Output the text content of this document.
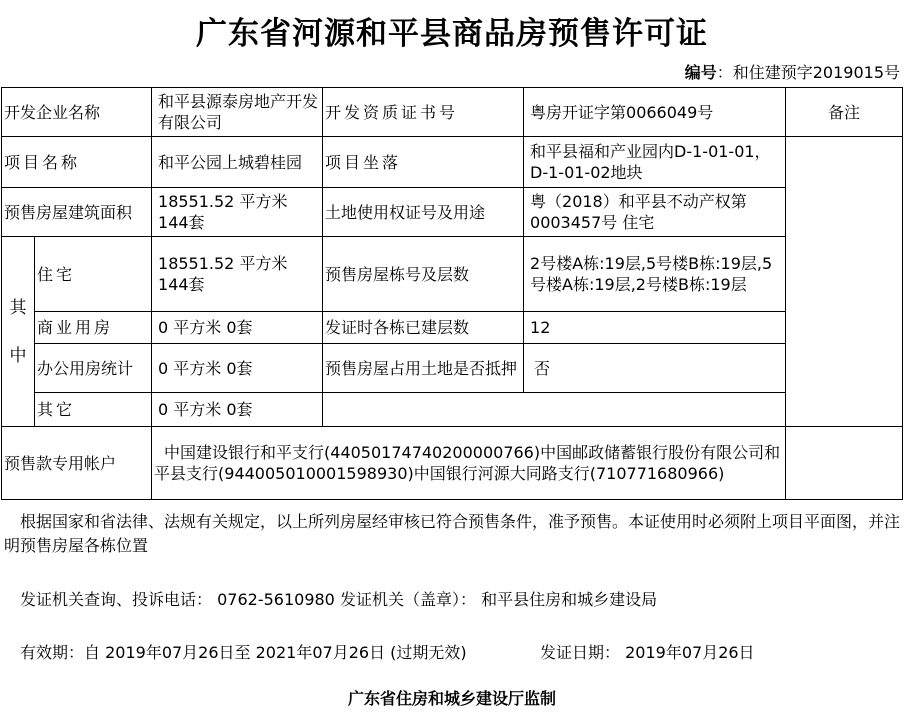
广东省河源和平县商品房预售许可证
编号：和住建预字2019015号
开发企业名称		和平县源泰房地产开发有限公司	开发资质证书号	粤房开证字第0066049号	备注
项目名称		和平公园上城碧桂园	项目坐落	和平县福和产业园内D-1-01-01，D-1-01-02地块	
预售房屋建筑面积		18551.52 平方米 144套	土地使用权证号及用途	粤（2018）和平县不动产权第0003457号 住宅	

其中	住宅	18551.52 平方米 144套	预售房屋栋号及层数	2号楼A栋:19层,5号楼B栋:19层,5号楼A栋:19层,2号楼B栋:19层	
	商业用房	0 平方米 0套	发证时各栋已建层数	12	
	办公用房统计	0 平方米 0套	预售房屋占用土地是否抵押	否	
	其它	0 平方米 0套			
预售款专用帐户		中国建设银行和平支行(44050174740200000766)中国邮政储蓄银行股份有限公司和平县支行(944005010001598930)中国银行河源大同路支行(710771680966)			
根据国家和省法律、法规有关规定，以上所列房屋经审核已符合预售条件，准予预售。本证使用时必须附上项目平面图，并注明预售房屋各栋位置
发证机关查询、投诉电话： 0762-5610980 发证机关（盖章）： 和平县住房和城乡建设局
有效期：自 2019年07月26日至 2021年07月26日 (过期无效)	发证日期： 2019年07月26日
广东省住房和城乡建设厅监制
